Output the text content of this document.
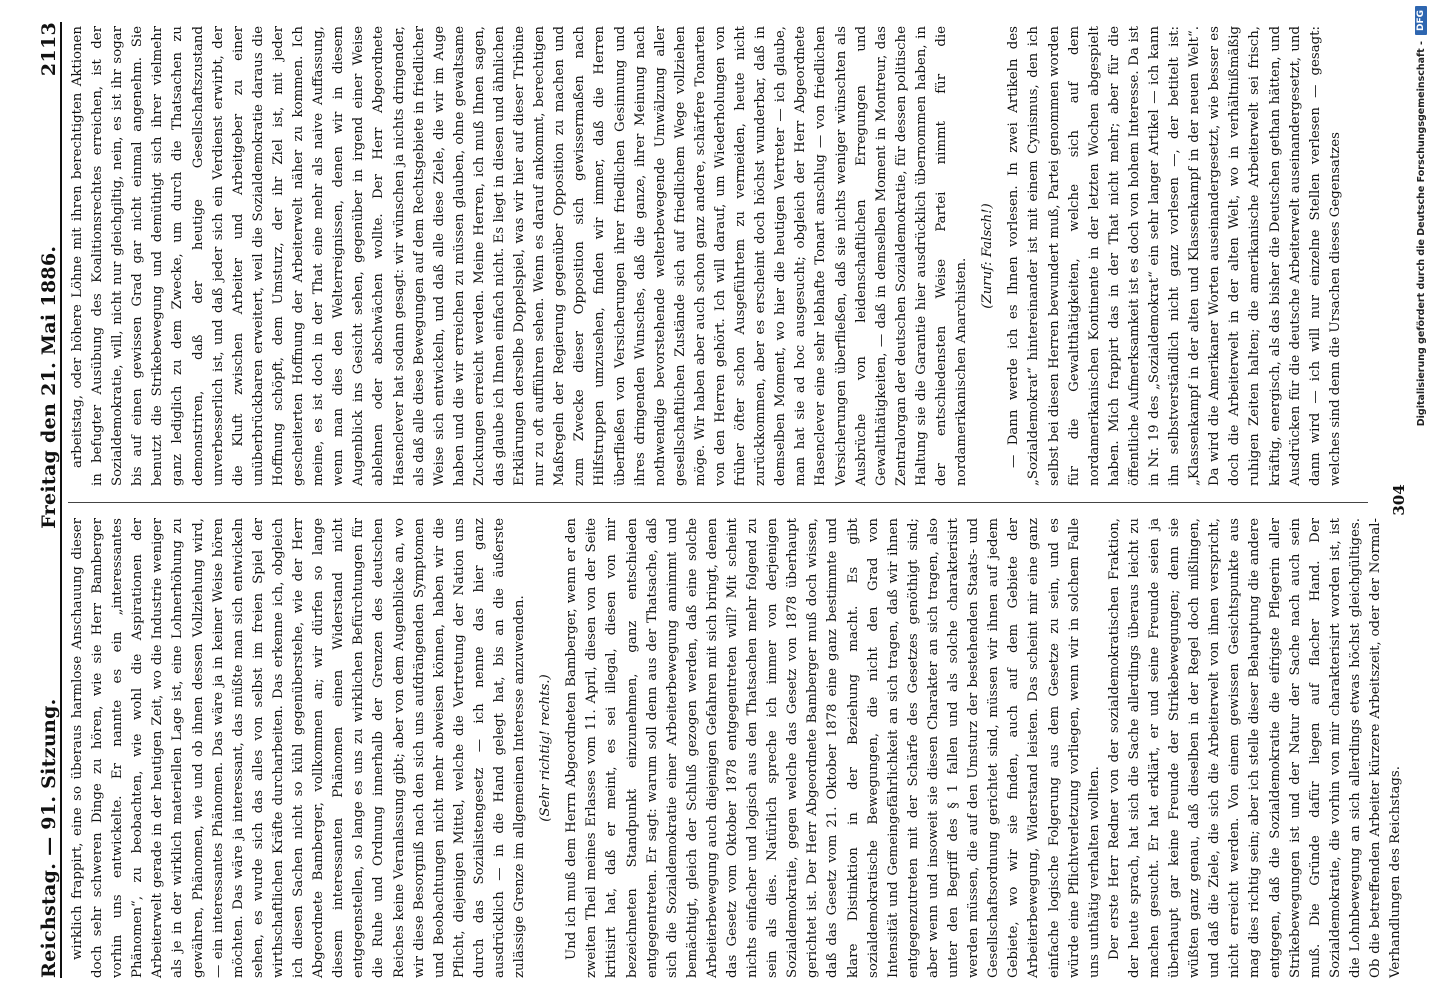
Reichstag. — 91. Sitzung.
Freitag den 21. Mai 1886.
2113

wirklich frappirt, eine so überaus harmlose Anschauung dieser doch sehr schweren Dinge zu hören, wie sie Herr Bamberger vorhin uns entwickelte. Er nannte es ein „interessantes Phänomen“, zu beobachten, wie wohl die Aspirationen der Arbeiterwelt gerade in der heutigen Zeit, wo die Industrie weniger als je in der wirklich materiellen Lage ist, eine Lohnerhöhung zu gewähren, Phänomen, wie und ob ihnen dessen Vollziehung wird, — ein interessantes Phänomen. Das wäre ja in keiner Weise hören möchten. Das wäre ja interessant, das müßte man sich entwickeln sehen, es wurde sich das alles von selbst im freien Spiel der wirthschaftlichen Kräfte durcharbeiten. Das erkenne ich, obgleich ich diesen Sachen nicht so kühl gegenüberstehe, wie der Herr Abgeordnete Bamberger, vollkommen an; wir dürfen so lange diesem interessanten Phänomen einen Widerstand nicht entgegenstellen, so lange es uns zu wirklichen Befürchtungen für die Ruhe und Ordnung innerhalb der Grenzen des deutschen Reiches keine Veranlassung gibt; aber von dem Augenblicke an, wo wir diese Besorgniß nach den sich uns aufdrängenden Symptomen und Beobachtungen nicht mehr abweisen können, haben wir die Pflicht, diejenigen Mittel, welche die Vertretung der Nation uns durch das Sozialistengesetz — ich nenne das hier ganz ausdrücklich — in die Hand gelegt hat, bis an die äußerste zulässige Grenze im allgemeinen Interesse anzuwenden. (Sehr richtig! rechts.) Und ich muß dem Herrn Abgeordneten Bamberger, wenn er den zweiten Theil meines Erlasses vom 11. April, diesen von der Seite kritisirt hat, daß er meint, es sei illegal, diesen von mir bezeichneten Standpunkt einzunehmen, ganz entschieden entgegentreten. Er sagt: warum soll denn aus der Thatsache, daß sich die Sozialdemokratie einer Arbeiterbewegung annimmt und bemächtigt, gleich der Schluß gezogen werden, daß eine solche Arbeiterbewegung auch diejenigen Gefahren mit sich bringt, denen das Gesetz vom Oktober 1878 entgegentreten will? Mit scheint nichts einfacher und logisch aus den Thatsachen mehr folgend zu sein als dies. Natürlich spreche ich immer von derjenigen Sozialdemokratie, gegen welche das Gesetz von 1878 überhaupt gerichtet ist. Der Herr Abgeordnete Bamberger muß doch wissen, daß das Gesetz vom 21. Oktober 1878 eine ganz bestimmte und klare Distinktion in der Beziehung macht. Es gibt sozialdemokratische Bewegungen, die nicht den Grad von Intensität und Gemeingefährlichkeit an sich tragen, daß wir ihnen entgegenzutreten mit der Schärfe des Gesetzes genöthigt sind; aber wenn und insoweit sie diesen Charakter an sich tragen, also unter den Begriff des § 1 fallen und als solche charakterisirt werden müssen, die auf den Umsturz der bestehenden Staats- und Gesellschaftsordnung gerichtet sind, müssen wir ihnen auf jedem Gebiete, wo wir sie finden, auch auf dem Gebiete der Arbeiterbewegung, Widerstand leisten. Das scheint mir eine ganz einfache logische Folgerung aus dem Gesetze zu sein, und es würde eine Pflichtverletzung vorliegen, wenn wir in solchem Falle uns unthätig verhalten wollten. Der erste Herr Redner von der sozialdemokratischen Fraktion, der heute sprach, hat sich die Sache allerdings überaus leicht zu machen gesucht. Er hat erklärt, er und seine Freunde seien ja überhaupt gar keine Freunde der Strikebewegungen; denn sie wüßten ganz genau, daß dieselben in der Regel doch mißlingen, und daß die Ziele, die sich die Arbeiterwelt von ihnen verspricht, nicht erreicht werden. Von einem gewissen Gesichtspunkte aus mag dies richtig sein; aber ich stelle dieser Behauptung die andere entgegen, daß die Sozialdemokratie die eifrigste Pflegerin aller Strikebewegungen ist und der Natur der Sache nach auch sein muß. Die Gründe dafür liegen auf flacher Hand. Der Sozialdemokratie, die vorhin von mir charakterisirt worden ist, ist die Lohnbewegung an sich allerdings etwas höchst gleichgültiges. Ob die betreffenden Arbeiter kürzere Arbeitszeit, oder der Normal-Verhandlungen des Reichstags.

arbeitstag, oder höhere Löhne mit ihren berechtigten Aktionen in befugter Ausübung des Koalitionsrechtes erreichen, ist der Sozialdemokratie, will, nicht nur gleichgiltig, nein, es ist ihr sogar bis auf einen gewissen Grad gar nicht einmal angenehm. Sie benutzt die Strikebewegung und demüthigt sich ihrer vielmehr ganz lediglich zu dem Zwecke, um durch die Thatsachen zu demonstriren, daß der heutige Gesellschaftszustand unverbesserlich ist, und daß jeder sich ein Verdienst erwirbt, der die Kluft zwischen Arbeiter und Arbeitgeber zu einer unüberbrückbaren erweitert, weil die Sozialdemokratie daraus die Hoffnung schöpft, dem Umsturz, der ihr Ziel ist, mit jeder gescheiterten Hoffnung der Arbeiterwelt näher zu kommen. Ich meine, es ist doch in der That eine mehr als naive Auffassung, wenn man dies den Welterreignissen, denen wir in diesem Augenblick ins Gesicht sehen, gegenüber in irgend einer Weise ablehnen oder abschwächen wollte. Der Herr Abgeordnete Hasenclever hat sodann gesagt: wir wünschen ja nichts dringender, als daß alle diese Bewegungen auf dem Rechtsgebiete in friedlicher Weise sich entwickeln, und daß alle diese Ziele, die wir im Auge haben und die wir erreichen zu müssen glauben, ohne gewaltsame Zuckungen erreicht werden. Meine Herren, ich muß Ihnen sagen, das glaube ich Ihnen einfach nicht. Es liegt in diesen und ähnlichen Erklärungen derselbe Doppelspiel, was wir hier auf dieser Tribüne nur zu oft aufführen sehen. Wenn es darauf ankommt, berechtigen Maßregeln der Regierung gegenüber Opposition zu machen und zum Zwecke dieser Opposition sich gewissermaßen nach Hilfstruppen umzusehen, finden wir immer, daß die Herren überfließen von Versicherungen ihrer friedlichen Gesinnung und ihres dringenden Wunsches, daß die ganze, ihrer Meinung nach nothwendige bevorstehende welterbewegende Umwälzung aller gesellschaftlichen Zustände sich auf friedlichem Wege vollziehen möge. Wir haben aber auch schon ganz andere, schärfere Tonarten von den Herren gehört. Ich will darauf, um Wiederholungen von früher öfter schon Ausgeführtem zu vermeiden, heute nicht zurückkommen, aber es erscheint doch höchst wunderbar, daß in demselben Moment, wo hier die heutigen Vertreter — ich glaube, man hat sie ad hoc ausgesucht; obgleich der Herr Abgeordnete Hasenclever eine sehr lebhafte Tonart anschlug — von friedlichen Versicherungen überfließen, daß sie nichts weniger wünschten als Ausbrüche von leidenschaftlichen Erregungen und Gewaltthätigkeiten, — daß in demselben Moment in Montreur, das Zentralorgan der deutschen Sozialdemokratie, für dessen politische Haltung sie die Garantie hier ausdrücklich übernommen haben, in der entschiedensten Weise Partei nimmt für die nordamerikanischen Anarchisten.

(Zuruf: Falsch!) — Dann werde ich es Ihnen vorlesen. In zwei Artikeln des „Sozialdemokrat“ hintereinander ist mit einem Cynismus, den ich selbst bei diesen Herren bewundert muß, Partei genommen worden für die Gewaltthätigkeiten, welche sich auf dem nordamerikanischen Kontinente in der letzten Wochen abgespielt haben. Mich frappirt das in der That nicht mehr; aber für die öffentliche Aufmerksamkeit ist es doch von hohem Interesse. Da ist in Nr. 19 des „Sozialdemokrat“ ein sehr langer Artikel — ich kann ihn selbstverständlich nicht ganz vorlesen —, der betitelt ist: „Klassenkampf in der alten und Klassenkampf in der neuen Welt“. Da wird die Amerikaner Worten auseinandergesetzt, wie besser es doch die Arbeiterwelt in der alten Welt, wo in verhältnißmäßig ruhigen Zeiten halten; die amerikanische Arbeiterwelt sei frisch, kräftig, energisch, als das bisher die Deutschen gethan hätten, und Ausdrücken für die deutsche Arbeiterwelt auseinandergesetzt, und dann wird — ich will nur einzelne Stellen verlesen — gesagt: welches sind denn die Ursachen dieses Gegensatzes

304
Digitalisierung gefördert durch die Deutsche Forschungsgemeinschaft -
DFG
